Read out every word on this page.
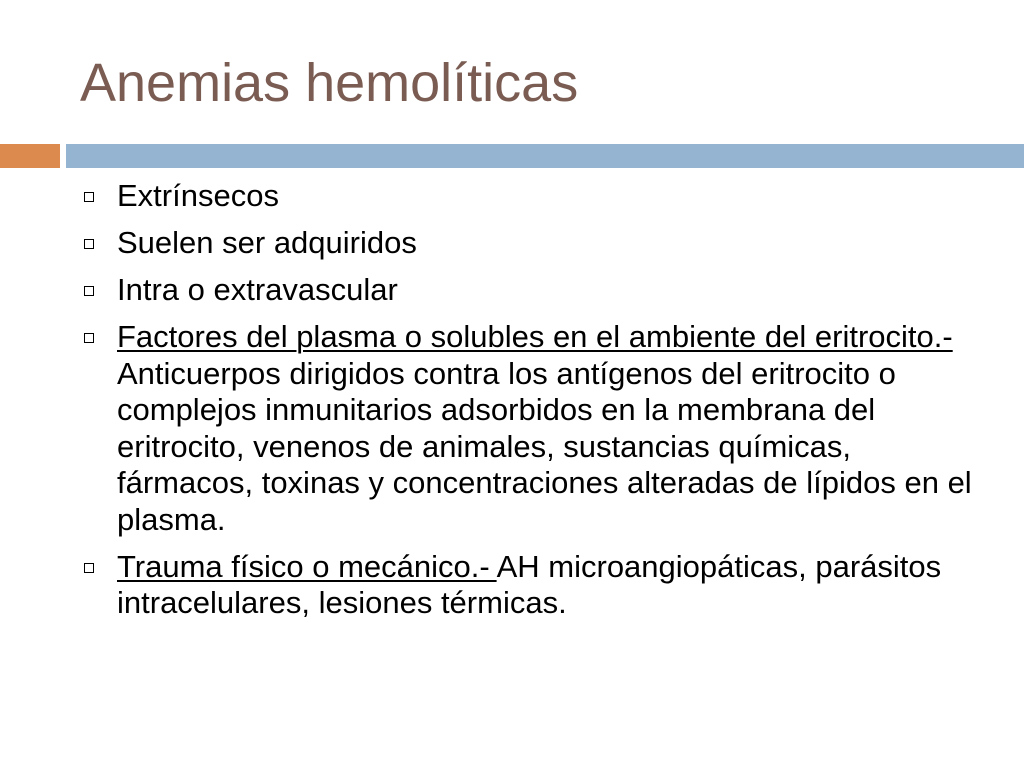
Anemias hemolíticas
Extrínsecos
Suelen ser adquiridos
Intra o extravascular
Factores del plasma o solubles en el ambiente del eritrocito.- Anticuerpos dirigidos contra los antígenos del eritrocito o complejos inmunitarios adsorbidos en la membrana del eritrocito, venenos de animales, sustancias químicas, fármacos, toxinas y concentraciones alteradas de lípidos en el plasma.
Trauma físico o mecánico.- AH microangiopáticas, parásitos intracelulares, lesiones térmicas.
